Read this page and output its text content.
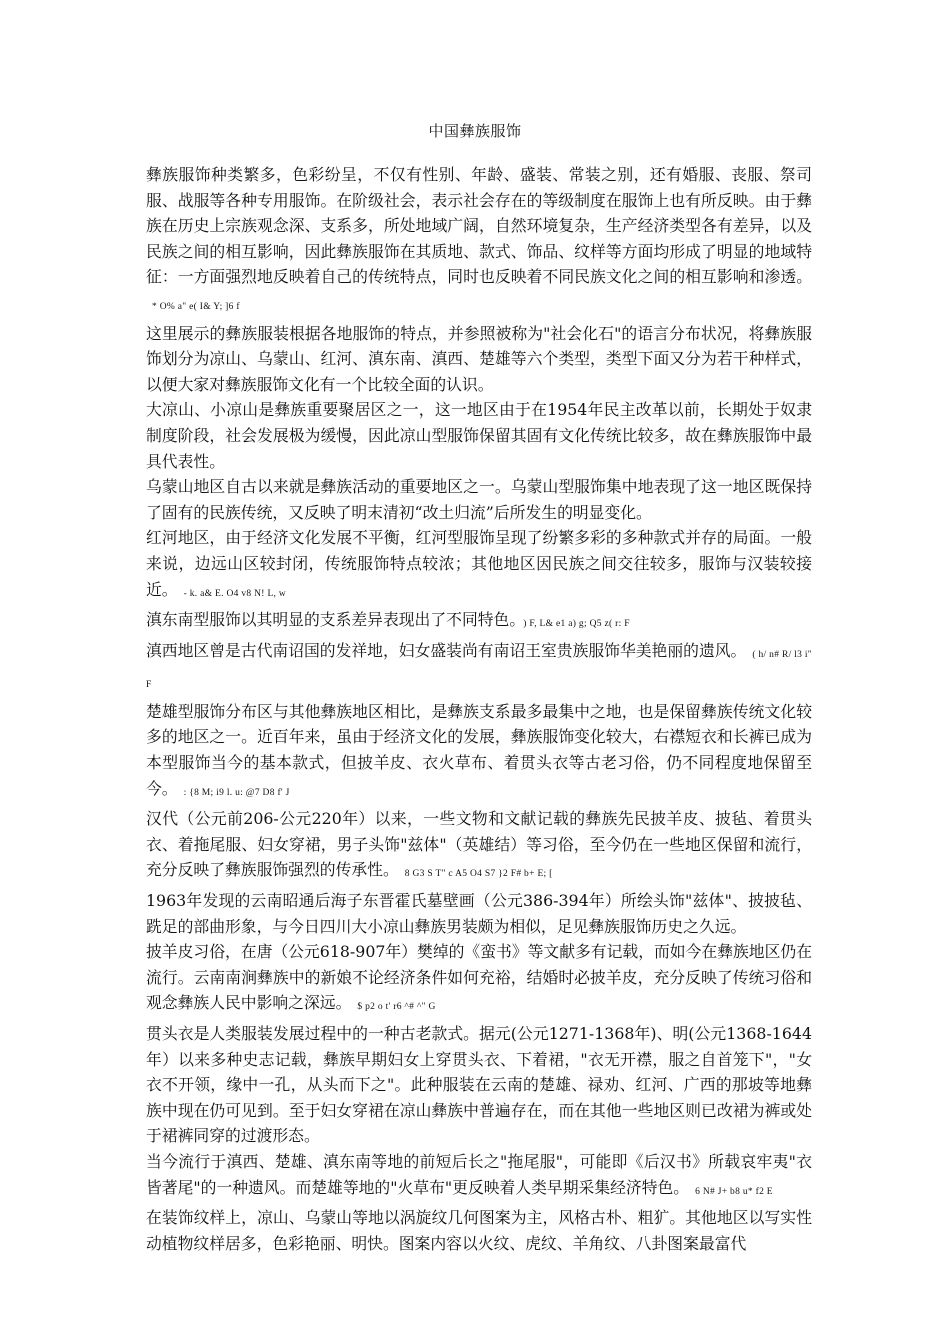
中国彝族服饰

彝族服饰种类繁多，色彩纷呈，不仅有性别、年龄、盛装、常装之别，还有婚服、丧服、祭司服、战服等各种专用服饰。在阶级社会，表示社会存在的等级制度在服饰上也有所反映。由于彝族在历史上宗族观念深、支系多，所处地域广阔，自然环境复杂，生产经济类型各有差异，以及民族之间的相互影响，因此彝族服饰在其质地、款式、饰品、纹样等方面均形成了明显的地域特征：一方面强烈地反映着自己的传统特点，同时也反映着不同民族文化之间的相互影响和渗透。* O% a" e( I& Y; ]6 f

这里展示的彝族服装根据各地服饰的特点，并参照被称为"社会化石"的语言分布状况，将彝族服饰划分为凉山、乌蒙山、红河、滇东南、滇西、楚雄等六个类型，类型下面又分为若干种样式，以便大家对彝族服饰文化有一个比较全面的认识。

大凉山、小凉山是彝族重要聚居区之一，这一地区由于在1954年民主改革以前，长期处于奴隶制度阶段，社会发展极为缓慢，因此凉山型服饰保留其固有文化传统比较多，故在彝族服饰中最具代表性。

乌蒙山地区自古以来就是彝族活动的重要地区之一。乌蒙山型服饰集中地表现了这一地区既保持了固有的民族传统，又反映了明末清初“改土归流”后所发生的明显变化。

红河地区，由于经济文化发展不平衡，红河型服饰呈现了纷繁多彩的多种款式并存的局面。一般来说，边远山区较封闭，传统服饰特点较浓；其他地区因民族之间交往较多，服饰与汉装较接近。 - k. a& E. O4 v8 N! L, w

滇东南型服饰以其明显的支系差异表现出了不同特色。 ) F, L& e1 a) g; Q5 z( r: F

滇西地区曾是古代南诏国的发祥地，妇女盛装尚有南诏王室贵族服饰华美艳丽的遗风。 ( h/ n# R/ l3 i" F

楚雄型服饰分布区与其他彝族地区相比，是彝族支系最多最集中之地，也是保留彝族传统文化较多的地区之一。近百年来，虽由于经济文化的发展，彝族服饰变化较大，右襟短衣和长裤已成为本型服饰当今的基本款式，但披羊皮、衣火草布、着贯头衣等古老习俗，仍不同程度地保留至今。 : {8 M; i9 l. u: @7 D8 f' J

汉代（公元前206-公元220年）以来，一些文物和文献记载的彝族先民披羊皮、披毡、着贯头衣、着拖尾服、妇女穿裙，男子头饰"兹体"（英雄结）等习俗，至今仍在一些地区保留和流行，充分反映了彝族服饰强烈的传承性。 8 G3 S T" c A5 O4 S7 }2 F# b+ E; [

1963年发现的云南昭通后海子东晋霍氏墓壁画（公元386-394年）所绘头饰"兹体"、披披毡、跣足的部曲形象，与今日四川大小凉山彝族男装颇为相似，足见彝族服饰历史之久远。

披羊皮习俗，在唐（公元618-907年）樊绰的《蛮书》等文献多有记载，而如今在彝族地区仍在流行。云南南涧彝族中的新娘不论经济条件如何充裕，结婚时必披羊皮，充分反映了传统习俗和观念彝族人民中影响之深远。 $ p2 o t' r6 ^# ^" G

贯头衣是人类服装发展过程中的一种古老款式。据元(公元1271-1368年)、明(公元1368-1644年）以来多种史志记载，彝族早期妇女上穿贯头衣、下着裙，"衣无开襟，服之自首笼下"，"女衣不开领，缘中一孔，从头而下之"。此种服装在云南的楚雄、禄劝、红河、广西的那坡等地彝族中现在仍可见到。至于妇女穿裙在凉山彝族中普遍存在，而在其他一些地区则已改裙为裤或处于裙裤同穿的过渡形态。

当今流行于滇西、楚雄、滇东南等地的前短后长之"拖尾服"，可能即《后汉书》所载哀牢夷"衣皆著尾"的一种遗风。而楚雄等地的"火草布"更反映着人类早期采集经济特色。 6 N# J+ b8 u* f2 E

在装饰纹样上，凉山、乌蒙山等地以涡旋纹几何图案为主，风格古朴、粗犷。其他地区以写实性动植物纹样居多，色彩艳丽、明快。图案内容以火纹、虎纹、羊角纹、八卦图案最富代
